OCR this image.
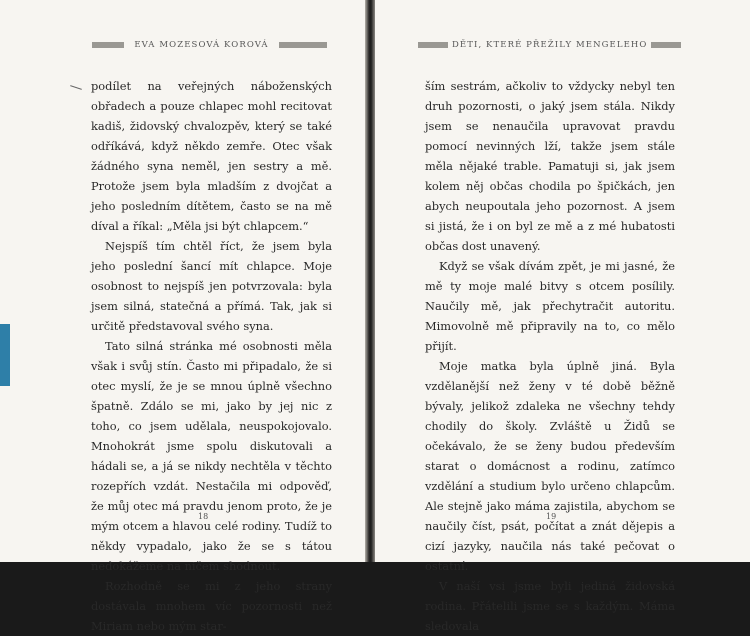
EVA MOZESOVÁ KOROVÁ

podílet na veřejných náboženských obřadech a pouze chlapec mohl recitovat kadiš, židovský chvalozpěv, který se také odříkává, když někdo zemře. Otec však žádného syna neměl, jen sestry a mě. Protože jsem byla mladším z dvojčat a jeho posledním dítětem, často se na mě díval a říkal: „Měla jsi být chlapcem.“

Nejspíš tím chtěl říct, že jsem byla jeho poslední šancí mít chlapce. Moje osobnost to nejspíš jen potvrzovala: byla jsem silná, statečná a přímá. Tak, jak si určitě představoval svého syna.

Tato silná stránka mé osobnosti měla však i svůj stín. Často mi připadalo, že si otec myslí, že je se mnou úplně všechno špatně. Zdálo se mi, jako by jej nic z toho, co jsem udělala, neuspokojovalo. Mnohokrát jsme spolu diskutovali a hádali se, a já se nikdy nechtěla v těchto rozepřích vzdát. Nestačila mi odpověď, že můj otec má pravdu jenom proto, že je mým otcem a hlavou celé rodiny. Tudíž to někdy vypadalo, jako že se s tátou nedokážeme na ničem shodnout.

Rozhodně se mi z jeho strany dostávala mnohem víc pozornosti než Miriam nebo mým star-

18
DĚTI, KTERÉ PŘEŽILY MENGELEHO

ším sestrám, ačkoliv to vždycky nebyl ten druh pozornosti, o jaký jsem stála. Nikdy jsem se nenaučila upravovat pravdu pomocí nevinných lží, takže jsem stále měla nějaké trable. Pamatuji si, jak jsem kolem něj občas chodila po špičkách, jen abych neupoutala jeho pozornost. A jsem si jistá, že i on byl ze mě a z mé hubatosti občas dost unavený.

Když se však dívám zpět, je mi jasné, že mě ty moje malé bitvy s otcem posílily. Naučily mě, jak přechytračit autoritu. Mimovolně mě připravily na to, co mělo přijít.

Moje matka byla úplně jiná. Byla vzdělanější než ženy v té době běžně bývaly, jelikož zdaleka ne všechny tehdy chodily do školy. Zvláště u Židů se očekávalo, že se ženy budou především starat o domácnost a rodinu, zatímco vzdělání a studium bylo určeno chlapcům. Ale stejně jako máma zajistila, abychom se naučily číst, psát, počítat a znát dějepis a cizí jazyky, naučila nás také pečovat o ostatní.

V naší vsi jsme byli jediná židovská rodina. Přátelili jsme se s každým. Máma sledovala

19
